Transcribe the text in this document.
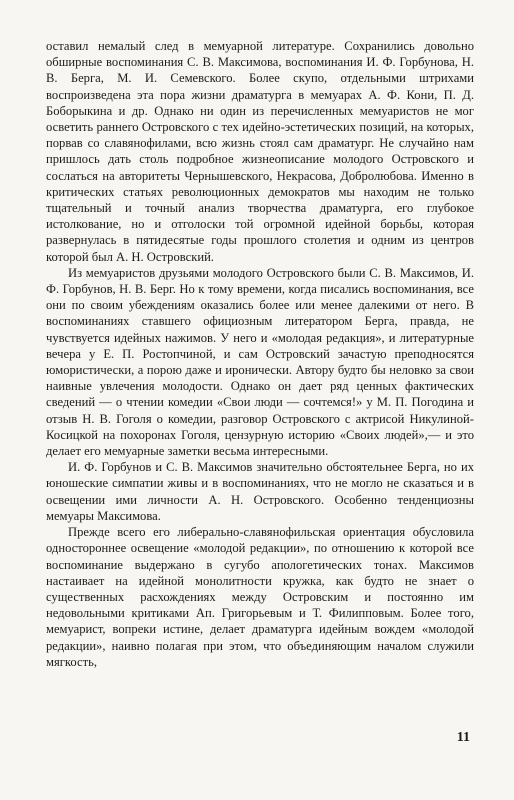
оставил немалый след в мемуарной литературе. Сохранились довольно обширные воспоминания С. В. Максимова, воспоминания И. Ф. Горбунова, Н. В. Берга, М. И. Семевского. Более скупо, отдельными штрихами воспроизведена эта пора жизни драматурга в мемуарах А. Ф. Кони, П. Д. Боборыкина и др. Однако ни один из перечисленных мемуаристов не мог осветить раннего Островского с тех идейно-эстетических позиций, на которых, порвав со славянофилами, всю жизнь стоял сам драматург. Не случайно нам пришлось дать столь подробное жизнеописание молодого Островского и сослаться на авторитеты Чернышевского, Некрасова, Добролюбова. Именно в критических статьях революционных демократов мы находим не только тщательный и точный анализ творчества драматурга, его глубокое истолкование, но и отголоски той огромной идейной борьбы, которая развернулась в пятидесятые годы прошлого столетия и одним из центров которой был А. Н. Островский.

Из мемуаристов друзьями молодого Островского были С. В. Максимов, И. Ф. Горбунов, Н. В. Берг. Но к тому времени, когда писались воспоминания, все они по своим убеждениям оказались более или менее далекими от него. В воспоминаниях ставшего официозным литератором Берга, правда, не чувствуется идейных нажимов. У него и «молодая редакция», и литературные вечера у Е. П. Ростопчиной, и сам Островский зачастую преподносятся юмористически, а порою даже и иронически. Автору будто бы неловко за свои наивные увлечения молодости. Однако он дает ряд ценных фактических сведений — о чтении комедии «Свои люди — сочтемся!» у М. П. Погодина и отзыв Н. В. Гоголя о комедии, разговор Островского с актрисой Никулиной-Косицкой на похоронах Гоголя, цензурную историю «Своих людей»,— и это делает его мемуарные заметки весьма интересными.

И. Ф. Горбунов и С. В. Максимов значительно обстоятельнее Берга, но их юношеские симпатии живы и в воспоминаниях, что не могло не сказаться и в освещении ими личности А. Н. Островского. Особенно тенденциозны мемуары Максимова.

Прежде всего его либерально-славянофильская ориентация обусловила одностороннее освещение «молодой редакции», по отношению к которой все воспоминание выдержано в сугубо апологетических тонах. Максимов настаивает на идейной монолитности кружка, как будто не знает о существенных расхождениях между Островским и постоянно им недовольными критиками Ап. Григорьевым и Т. Филипповым. Более того, мемуарист, вопреки истине, делает драматурга идейным вождем «молодой редакции», наивно полагая при этом, что объединяющим началом служили мягкость,

11
